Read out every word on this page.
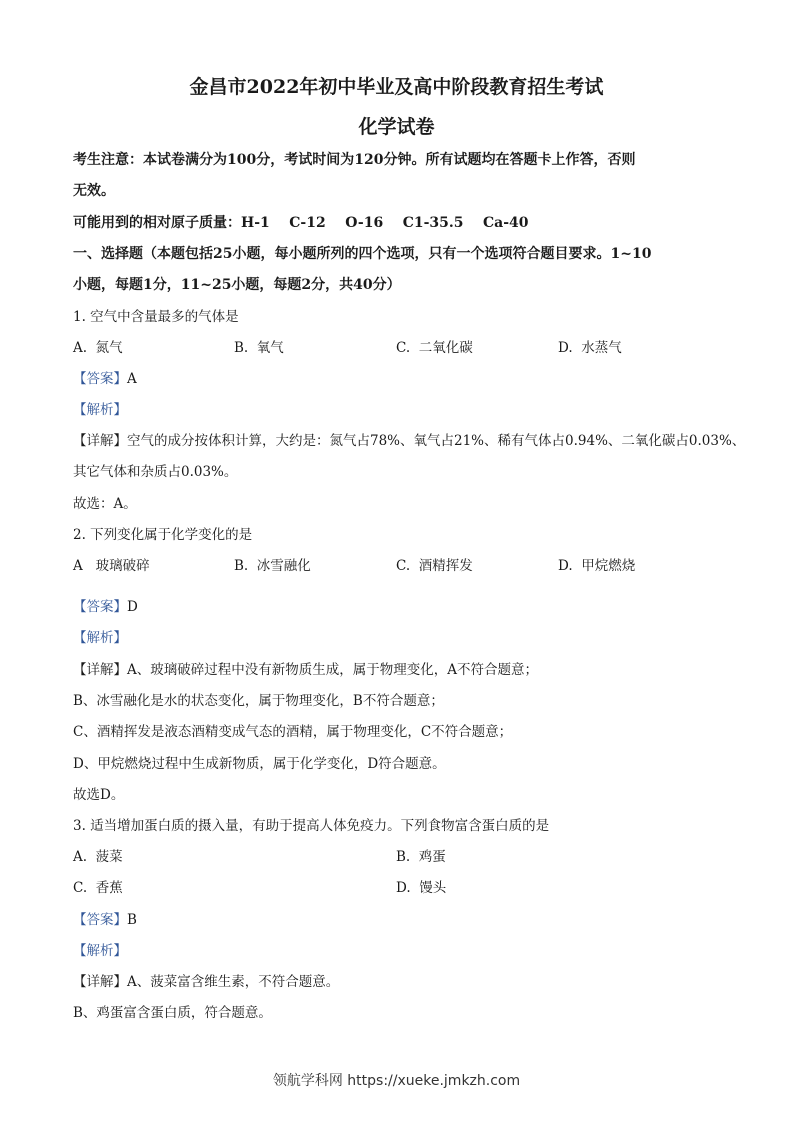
金昌市2022年初中毕业及高中阶段教育招生考试
化学试卷
考生注意：本试卷满分为100分，考试时间为120分钟。所有试题均在答题卡上作答，否则
无效。
可能用到的相对原子质量：H-1    C-12    O-16    C1-35.5    Ca-40
一、选择题（本题包括25小题，每小题所列的四个选项，只有一个选项符合题目要求。1~10
小题，每题1分，11~25小题，每题2分，共40分）
1. 空气中含量最多的气体是
A.  氮气	B.  氧气	C.  二氧化碳	D.  水蒸气
【答案】A
【解析】
【详解】空气的成分按体积计算，大约是：氮气占78%、氧气占21%、稀有气体占0.94%、二氧化碳占0.03%、
其它气体和杂质占0.03%。
故选：A。
2. 下列变化属于化学变化的是
A   玻璃破碎	B.  冰雪融化	C.  酒精挥发	D.  甲烷燃烧
【答案】D
【解析】
【详解】A、玻璃破碎过程中没有新物质生成，属于物理变化，A不符合题意；
B、冰雪融化是水的状态变化，属于物理变化，B不符合题意；
C、酒精挥发是液态酒精变成气态的酒精，属于物理变化，C不符合题意；
D、甲烷燃烧过程中生成新物质，属于化学变化，D符合题意。
故选D。
3. 适当增加蛋白质的摄入量，有助于提高人体免疫力。下列食物富含蛋白质的是
A.  菠菜	B.  鸡蛋
C.  香蕉	D.  馒头
【答案】B
【解析】
【详解】A、菠菜富含维生素，不符合题意。
B、鸡蛋富含蛋白质，符合题意。
领航学科网 https://xueke.jmkzh.com
